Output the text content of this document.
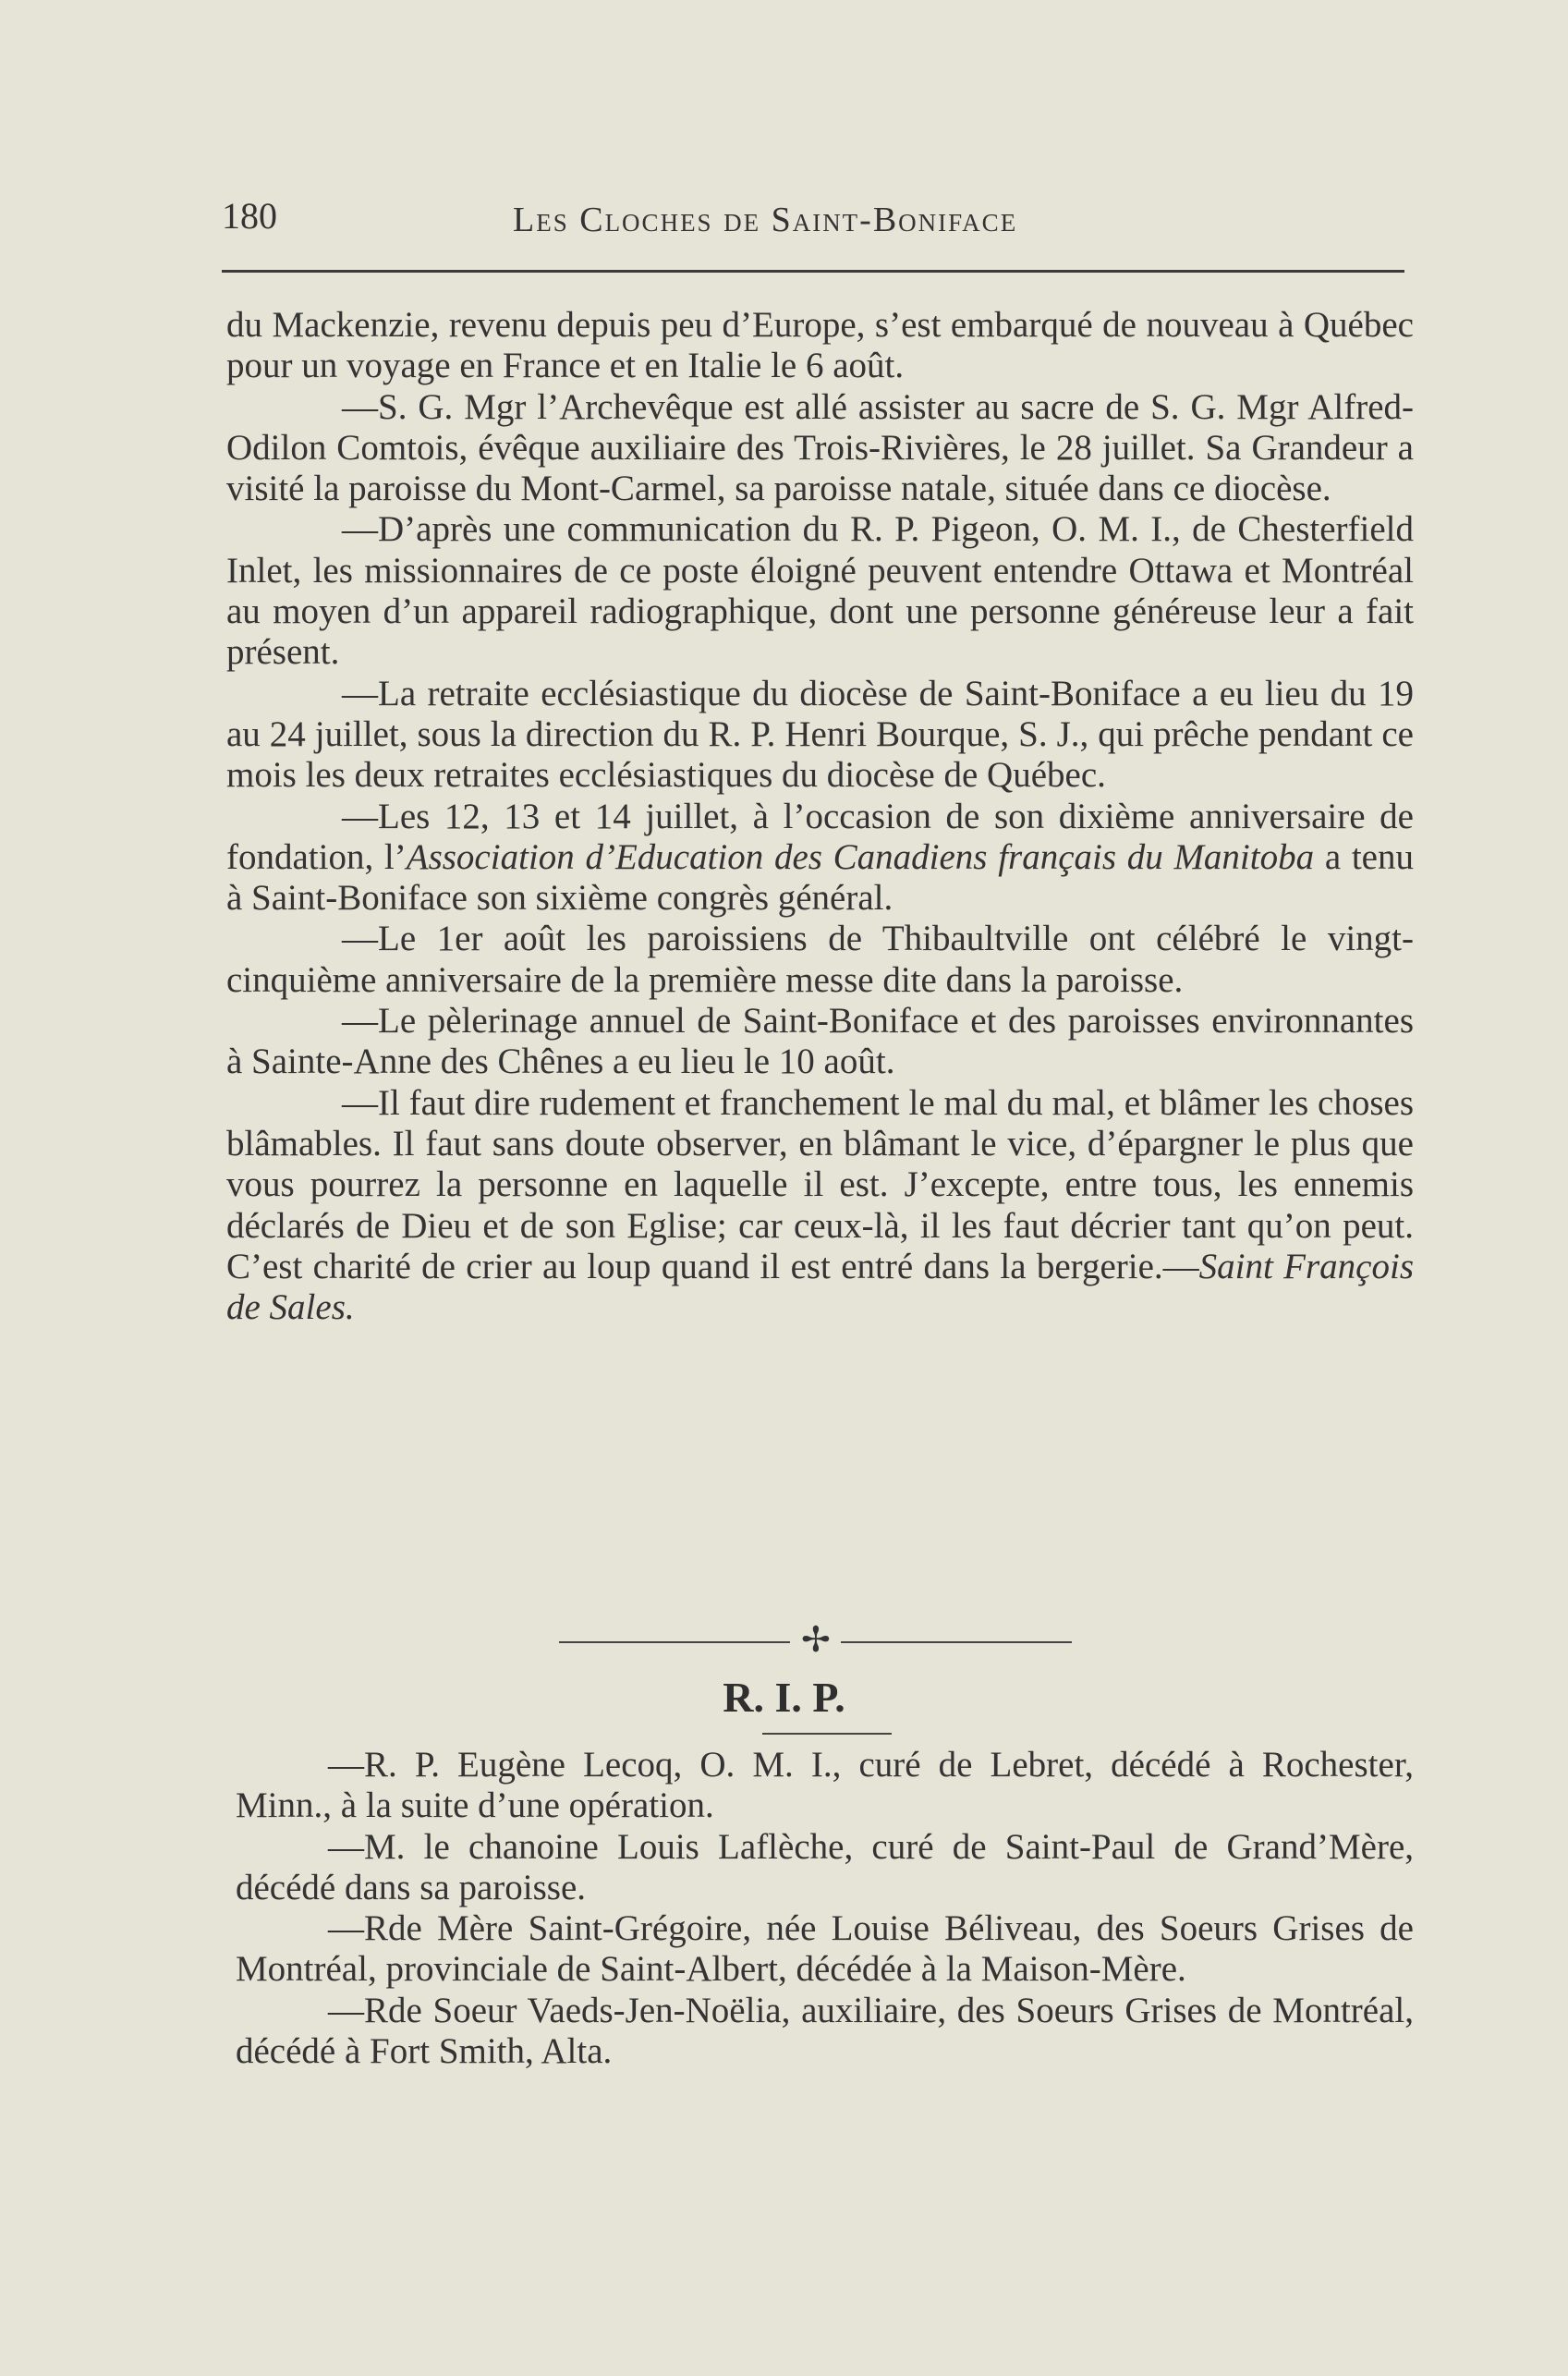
180	Les Cloches de Saint-Boniface

du Mackenzie, revenu depuis peu d’Europe, s’est embarqué de nouveau à Québec pour un voyage en France et en Italie le 6 août.

—S. G. Mgr l’Archevêque est allé assister au sacre de S. G. Mgr Alfred-Odilon Comtois, évêque auxiliaire des Trois-Rivières, le 28 juillet. Sa Grandeur a visité la paroisse du Mont-Carmel, sa paroisse natale, située dans ce diocèse.

—D’après une communication du R. P. Pigeon, O. M. I., de Chesterfield Inlet, les missionnaires de ce poste éloigné peuvent entendre Ottawa et Montréal au moyen d’un appareil radiographique, dont une personne généreuse leur a fait présent.

—La retraite ecclésiastique du diocèse de Saint-Boniface a eu lieu du 19 au 24 juillet, sous la direction du R. P. Henri Bourque, S. J., qui prêche pendant ce mois les deux retraites ecclésiastiques du diocèse de Québec.

—Les 12, 13 et 14 juillet, à l’occasion de son dixième anniversaire de fondation, l’Association d’Education des Canadiens français du Manitoba a tenu à Saint-Boniface son sixième congrès général.

—Le 1er août les paroissiens de Thibaultville ont célébré le vingt-cinquième anniversaire de la première messe dite dans la paroisse.

—Le pèlerinage annuel de Saint-Boniface et des paroisses environnantes à Sainte-Anne des Chênes a eu lieu le 10 août.

—Il faut dire rudement et franchement le mal du mal, et blâmer les choses blâmables. Il faut sans doute observer, en blâmant le vice, d’épargner le plus que vous pourrez la personne en laquelle il est. J’excepte, entre tous, les ennemis déclarés de Dieu et de son Eglise; car ceux-là, il les faut décrier tant qu’on peut. C’est charité de crier au loup quand il est entré dans la bergerie.—Saint François de Sales.

✢
R. I. P.

—R. P. Eugène Lecoq, O. M. I., curé de Lebret, décédé à Rochester, Minn., à la suite d’une opération.

—M. le chanoine Louis Laflèche, curé de Saint-Paul de Grand’Mère, décédé dans sa paroisse.

—Rde Mère Saint-Grégoire, née Louise Béliveau, des Soeurs Grises de Montréal, provinciale de Saint-Albert, décédée à la Maison-Mère.

—Rde Soeur Vaeds-Jen-Noëlia, auxiliaire, des Soeurs Grises de Montréal, décédé à Fort Smith, Alta.
